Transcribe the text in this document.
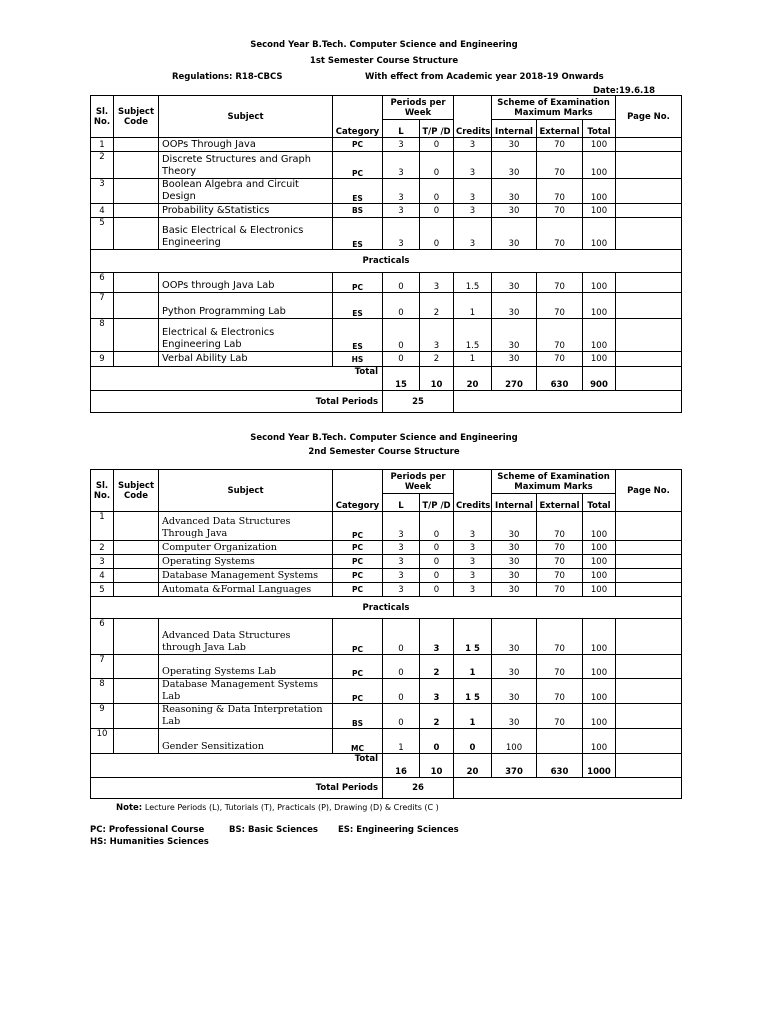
Second Year B.Tech. Computer Science and Engineering
1st Semester Course Structure
Regulations: R18-CBCS	With effect from Academic year 2018-19 Onwards
Date:19.6.18
Sl. No.	Subject Code	Subject	Category	Periods per Week		Credits	Scheme of Examination Maximum Marks			Page No.
				L	T/P /D		Internal	External	Total	
1		OOPs Through Java	PC	3	0	3	30	70	100	
2		Discrete Structures and Graph Theory	PC	3	0	3	30	70	100	
3		Boolean Algebra and Circuit Design	ES	3	0	3	30	70	100	
4		Probability &Statistics	BS	3	0	3	30	70	100	
5		Basic Electrical & Electronics Engineering	ES	3	0	3	30	70	100	
Practicals										
6		OOPs through Java Lab	PC	0	3	1.5	30	70	100	
7		Python Programming Lab	ES	0	2	1	30	70	100	
8		Electrical & Electronics Engineering Lab	ES	0	3	1.5	30	70	100	
9		Verbal Ability Lab	HS	0	2	1	30	70	100	
Total				15	10	20	270	630	900	
Total Periods				25						
Second Year B.Tech. Computer Science and Engineering
2nd Semester Course Structure
Sl. No.	Subject Code	Subject	Category	Periods per Week		Credits	Scheme of Examination Maximum Marks			Page No.
				L	T/P /D		Internal	External	Total	
1		Advanced Data Structures Through Java	PC	3	0	3	30	70	100	
2		Computer Organization	PC	3	0	3	30	70	100	
3		Operating Systems	PC	3	0	3	30	70	100	
4		Database Management Systems	PC	3	0	3	30	70	100	
5		Automata &Formal Languages	PC	3	0	3	30	70	100	
Practicals										
6		Advanced Data Structures through Java Lab	PC	0	3	1 5	30	70	100	
7		Operating Systems Lab	PC	0	2	1	30	70	100	
8		Database Management Systems Lab	PC	0	3	1 5	30	70	100	
9		Reasoning & Data Interpretation Lab	BS	0	2	1	30	70	100	
10		Gender Sensitization	MC	1	0	0	100		100	
Total				16	10	20	370	630	1000	
Total Periods				26						
Note: Lecture Periods (L), Tutorials (T), Practicals (P), Drawing (D) & Credits (C )
PC: Professional Course	BS: Basic Sciences ES: Engineering Sciences
HS: Humanities Sciences
